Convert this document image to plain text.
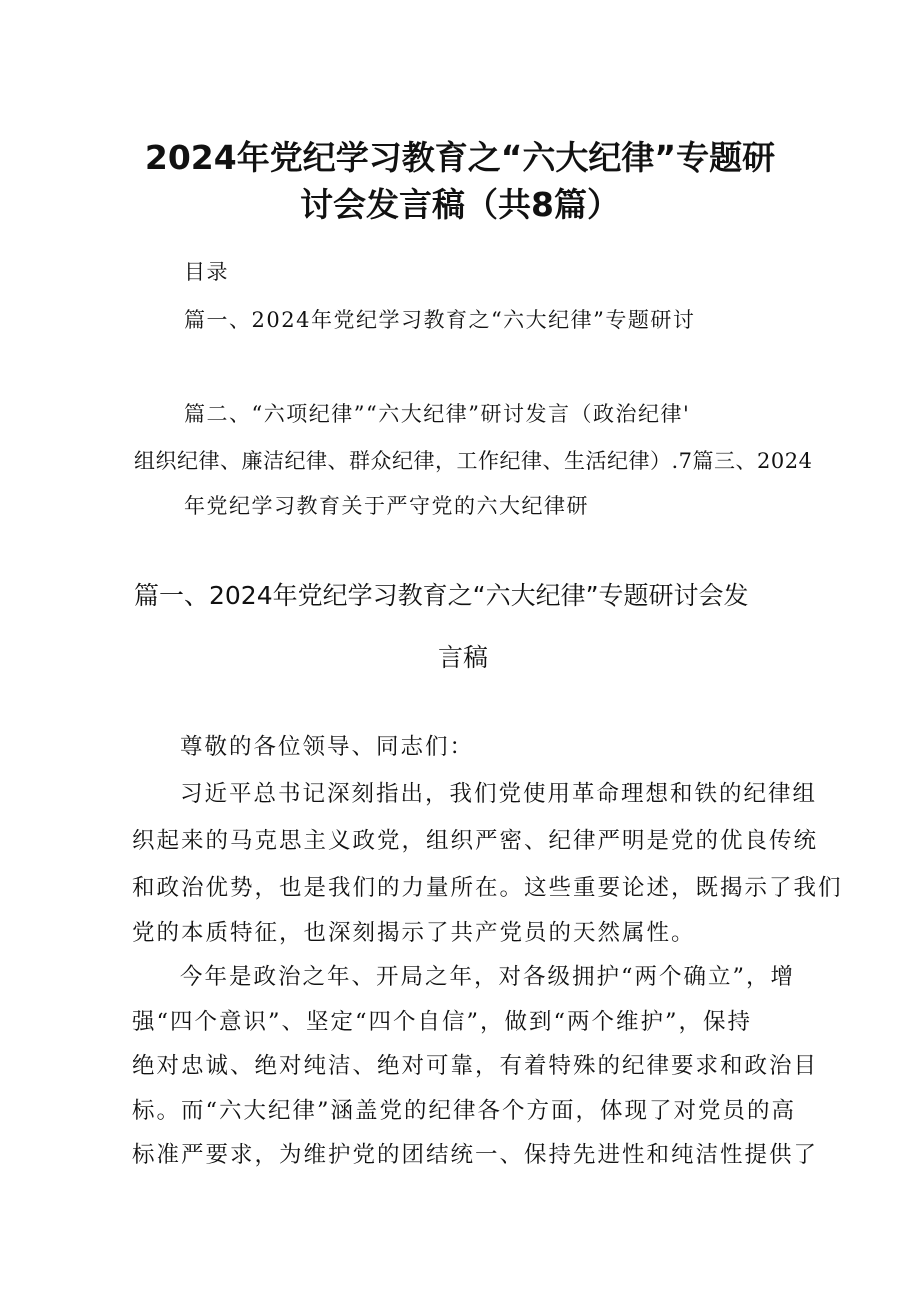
2024年党纪学习教育之“六大纪律”专题研
讨会发言稿（共8篇）
目录
篇一、2024年党纪学习教育之“六大纪律”专题研讨
篇二、“六项纪律”“六大纪律”研讨发言（政治纪律'
组织纪律、廉洁纪律、群众纪律，工作纪律、生活纪律）.7篇三、2024
年党纪学习教育关于严守党的六大纪律研
篇一、2024年党纪学习教育之“六大纪律”专题研讨会发
言稿
尊敬的各位领导、同志们：
习近平总书记深刻指出，我们党使用革命理想和铁的纪律组
织起来的马克思主义政党，组织严密、纪律严明是党的优良传统
和政治优势，也是我们的力量所在。这些重要论述，既揭示了我们
党的本质特征，也深刻揭示了共产党员的天然属性。
今年是政治之年、开局之年，对各级拥护“两个确立”，增
强“四个意识”、坚定“四个自信”，做到“两个维护”，保持
绝对忠诚、绝对纯洁、绝对可靠，有着特殊的纪律要求和政治目
标。而“六大纪律”涵盖党的纪律各个方面，体现了对党员的高
标准严要求，为维护党的团结统一、保持先进性和纯洁性提供了
